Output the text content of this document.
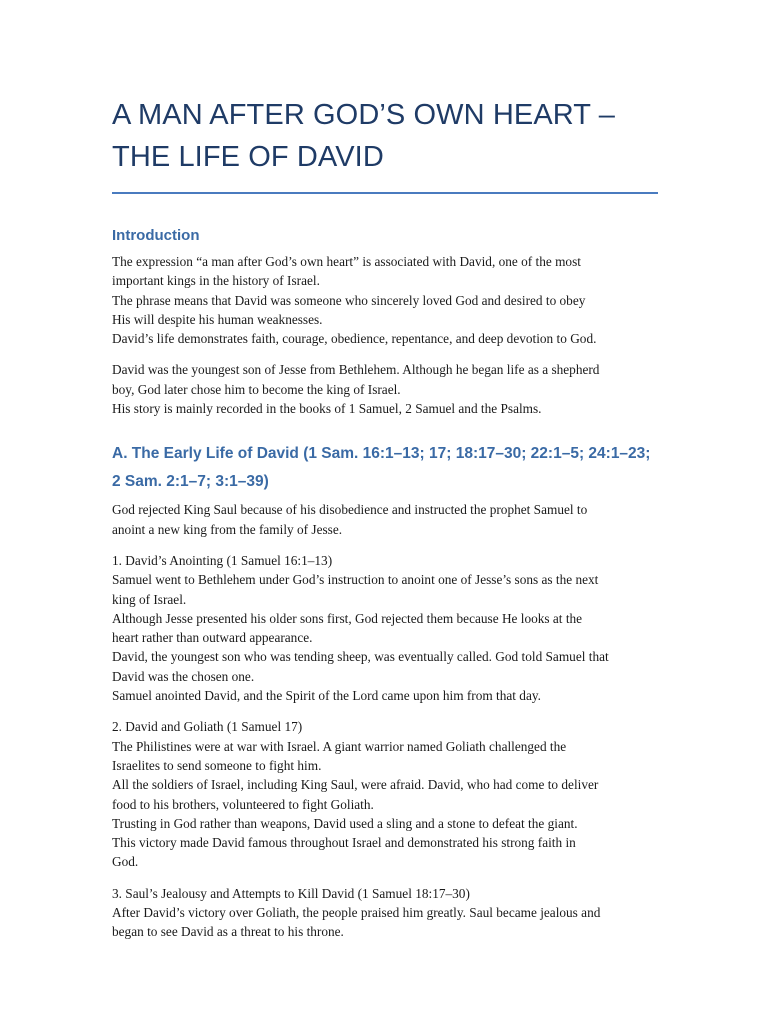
A MAN AFTER GOD’S OWN HEART –
THE LIFE OF DAVID
Introduction

The expression “a man after God’s own heart” is associated with David, one of the most
important kings in the history of Israel.
The phrase means that David was someone who sincerely loved God and desired to obey
His will despite his human weaknesses.
David’s life demonstrates faith, courage, obedience, repentance, and deep devotion to God.

David was the youngest son of Jesse from Bethlehem. Although he began life as a shepherd
boy, God later chose him to become the king of Israel.
His story is mainly recorded in the books of 1 Samuel, 2 Samuel and the Psalms.

A. The Early Life of David (1 Sam. 16:1–13; 17; 18:17–30; 22:1–5; 24:1–23;
2 Sam. 2:1–7; 3:1–39)

God rejected King Saul because of his disobedience and instructed the prophet Samuel to
anoint a new king from the family of Jesse.

1. David’s Anointing (1 Samuel 16:1–13)
Samuel went to Bethlehem under God’s instruction to anoint one of Jesse’s sons as the next
king of Israel.
Although Jesse presented his older sons first, God rejected them because He looks at the
heart rather than outward appearance.
David, the youngest son who was tending sheep, was eventually called. God told Samuel that
David was the chosen one.
Samuel anointed David, and the Spirit of the Lord came upon him from that day.

2. David and Goliath (1 Samuel 17)
The Philistines were at war with Israel. A giant warrior named Goliath challenged the
Israelites to send someone to fight him.
All the soldiers of Israel, including King Saul, were afraid. David, who had come to deliver
food to his brothers, volunteered to fight Goliath.
Trusting in God rather than weapons, David used a sling and a stone to defeat the giant.
This victory made David famous throughout Israel and demonstrated his strong faith in
God.

3. Saul’s Jealousy and Attempts to Kill David (1 Samuel 18:17–30)
After David’s victory over Goliath, the people praised him greatly. Saul became jealous and
began to see David as a threat to his throne.
